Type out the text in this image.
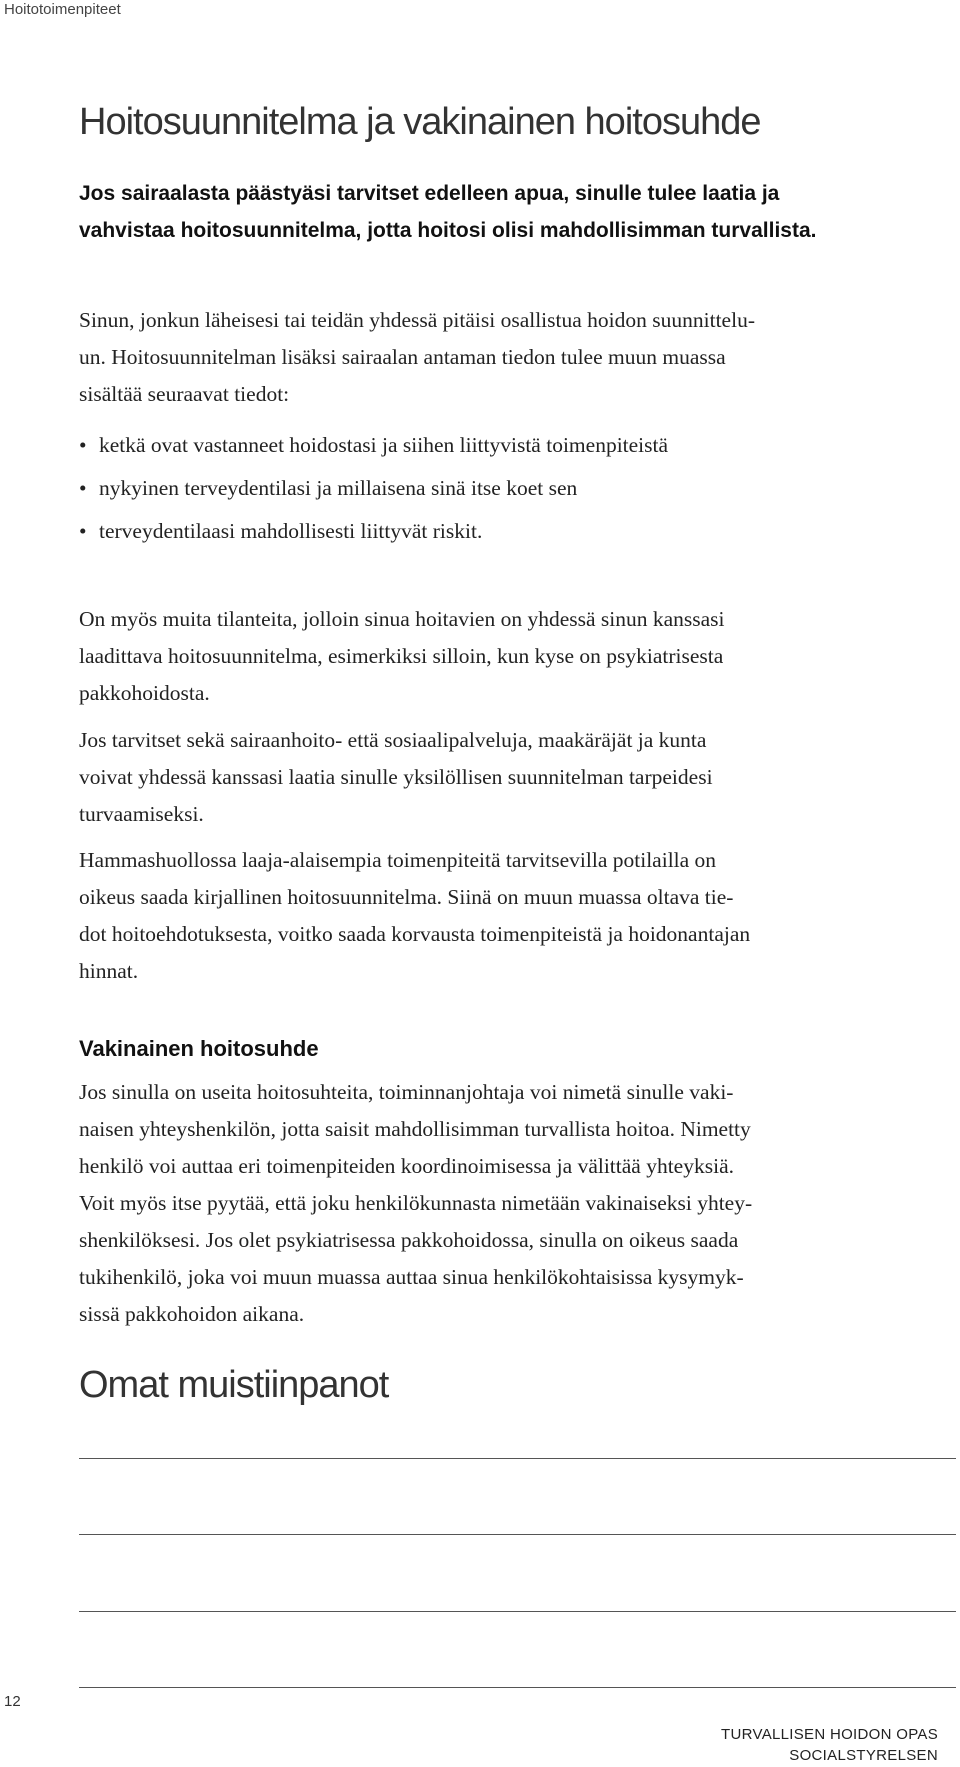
Hoitotoimenpiteet
Hoitosuunnitelma ja vakinainen hoitosuhde
Jos sairaalasta päästyäsi tarvitset edelleen apua, sinulle tulee laatia ja
vahvistaa hoitosuunnitelma, jotta hoitosi olisi mahdollisimman turvallista.
Sinun, jonkun läheisesi tai teidän yhdessä pitäisi osallistua hoidon suunnittelu-
un. Hoitosuunnitelman lisäksi sairaalan antaman tiedon tulee muun muassa
sisältää seuraavat tiedot:
• ketkä ovat vastanneet hoidostasi ja siihen liittyvistä toimenpiteistä
• nykyinen terveydentilasi ja millaisena sinä itse koet sen
• terveydentilaasi mahdollisesti liittyvät riskit.
On myös muita tilanteita, jolloin sinua hoitavien on yhdessä sinun kanssasi
laadittava hoitosuunnitelma, esimerkiksi silloin, kun kyse on psykiatrisesta
pakkohoidosta.
Jos tarvitset sekä sairaanhoito- että sosiaalipalveluja, maakäräjät ja kunta
voivat yhdessä kanssasi laatia sinulle yksilöllisen suunnitelman tarpeidesi
turvaamiseksi.
Hammashuollossa laaja-alaisempia toimenpiteitä tarvitsevilla potilailla on
oikeus saada kirjallinen hoitosuunnitelma. Siinä on muun muassa oltava tie-
dot hoitoehdotuksesta, voitko saada korvausta toimenpiteistä ja hoidonantajan
hinnat.
Vakinainen hoitosuhde
Jos sinulla on useita hoitosuhteita, toiminnanjohtaja voi nimetä sinulle vaki-
naisen yhteyshenkilön, jotta saisit mahdollisimman turvallista hoitoa. Nimetty
henkilö voi auttaa eri toimenpiteiden koordinoimisessa ja välittää yhteyksiä.
Voit myös itse pyytää, että joku henkilökunnasta nimetään vakinaiseksi yhtey-
shenkilöksesi. Jos olet psykiatrisessa pakkohoidossa, sinulla on oikeus saada
tukihenkilö, joka voi muun muassa auttaa sinua henkilökohtaisissa kysymyk-
sissä pakkohoidon aikana.
Omat muistiinpanot
12
TURVALLISEN HOIDON OPAS
SOCIALSTYRELSEN
